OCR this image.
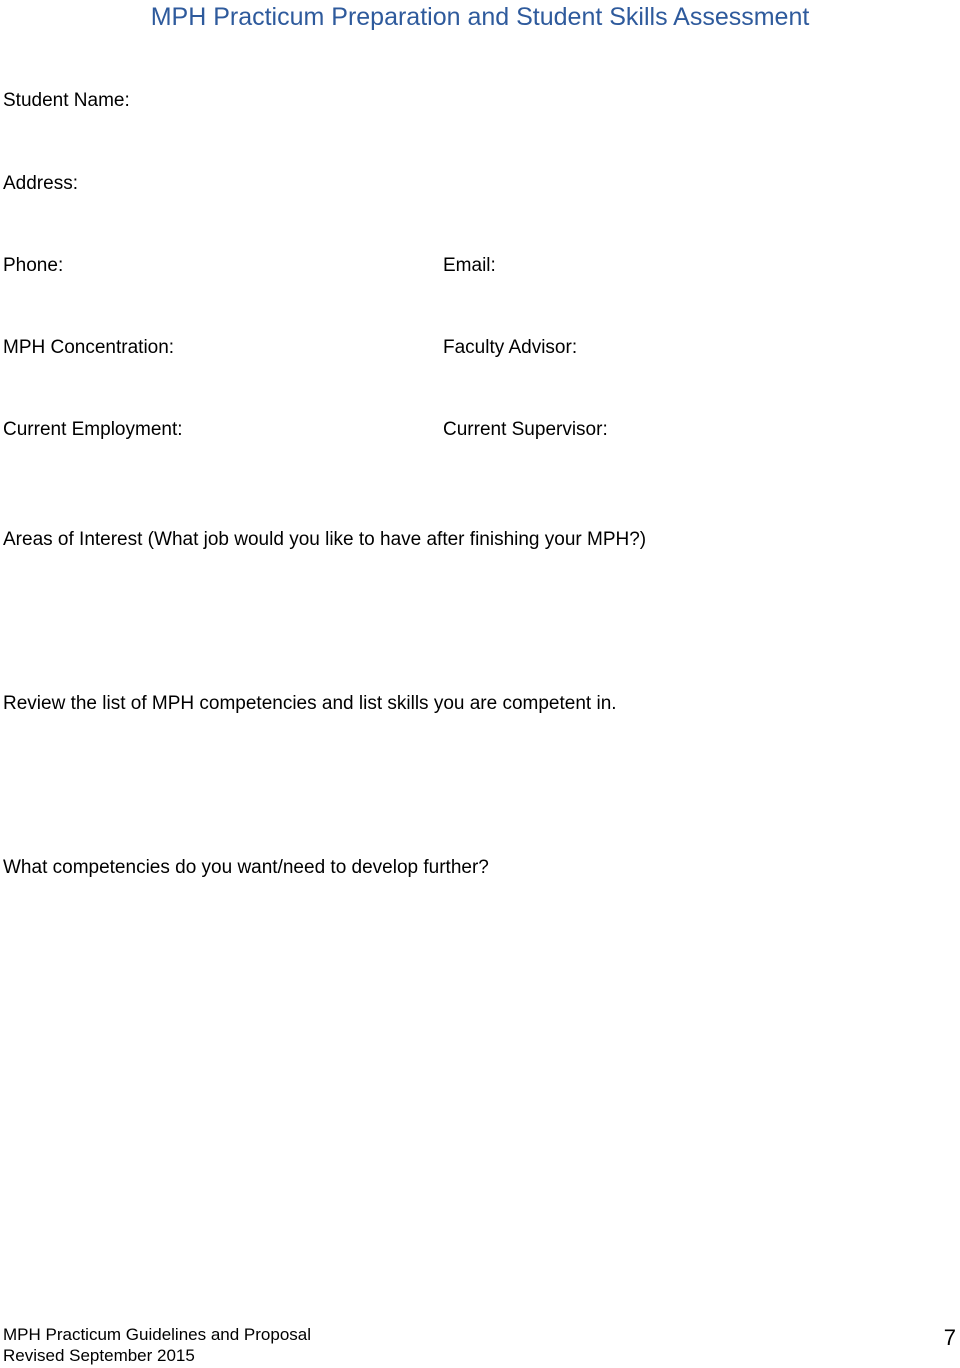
MPH Practicum Preparation and Student Skills Assessment
Student Name:
Address:
Phone:	Email:
MPH Concentration:	Faculty Advisor:
Current Employment:	Current Supervisor:
Areas of Interest (What job would you like to have after finishing your MPH?)
Review the list of MPH competencies and list skills you are competent in.
What competencies do you want/need to develop further?
MPH Practicum Guidelines and Proposal
Revised September 2015
7
